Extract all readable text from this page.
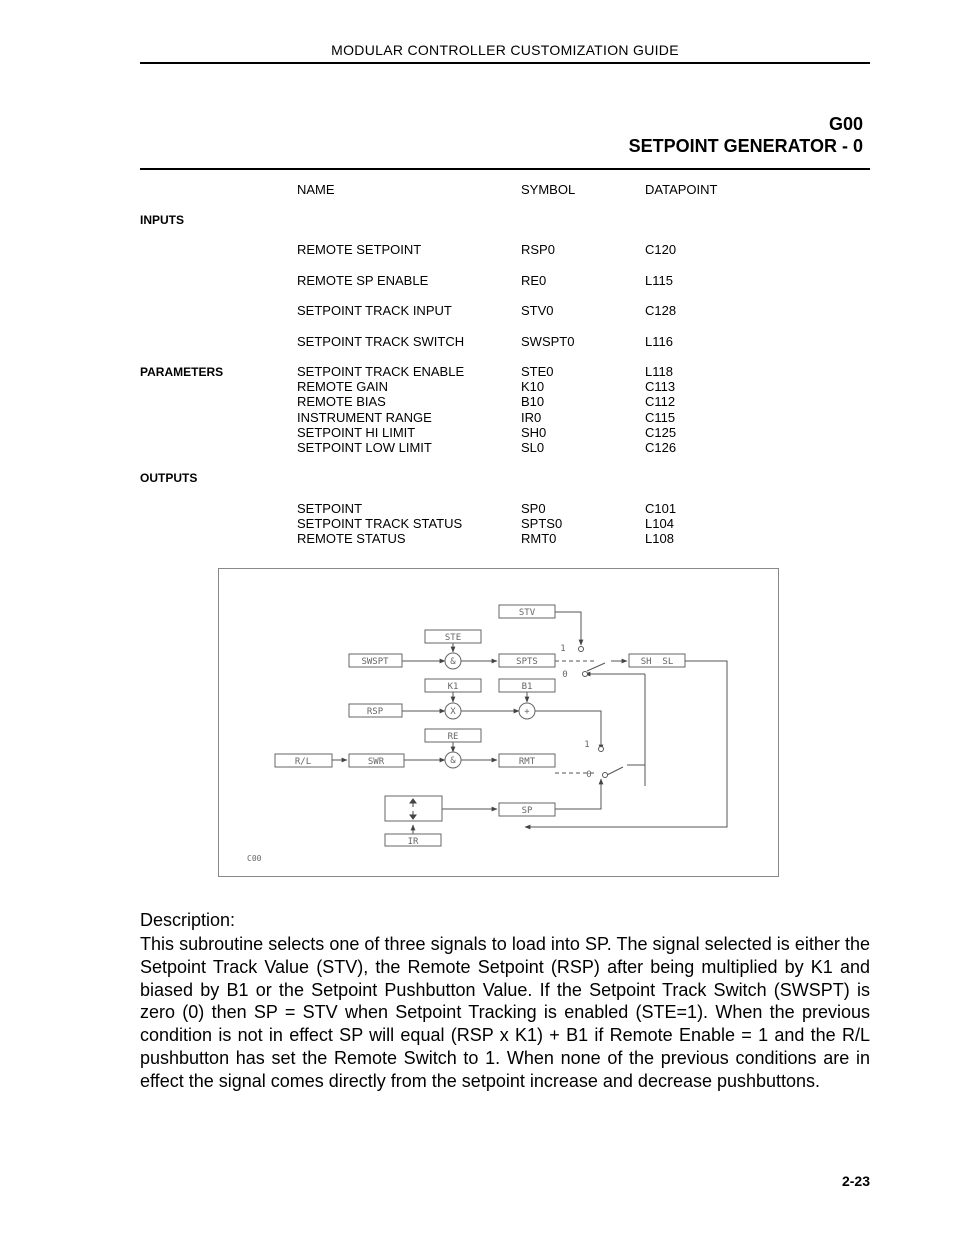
MODULAR CONTROLLER CUSTOMIZATION GUIDE
G00
SETPOINT GENERATOR - 0
NAME	SYMBOL	DATAPOINT
INPUTS
REMOTE SETPOINT	RSP0	C120
REMOTE SP ENABLE	RE0	L115
SETPOINT TRACK INPUT	STV0	C128
SETPOINT TRACK SWITCH	SWSPT0	L116
PARAMETERS	SETPOINT TRACK ENABLE	STE0	L118
REMOTE GAIN	K10	C113
REMOTE BIAS	B10	C112
INSTRUMENT RANGE	IR0	C115
SETPOINT HI LIMIT	SH0	C125
SETPOINT LOW LIMIT	SL0	C126
OUTPUTS
SETPOINT	SP0	C101
SETPOINT TRACK STATUS	SPTS0	L104
REMOTE STATUS	RMT0	L108
STV
STE
SWSPT	SPTS	SH  SL
K1	B1
RSP
RE
R/L	SWR	RMT
SP
IR
&
X	+
&
1
0
1
0
C00
Description:
This subroutine selects one of three signals to load into SP. The signal selected is either the Setpoint Track Value (STV), the Remote Setpoint (RSP) after being multiplied by K1 and biased by B1 or the Setpoint Pushbutton Value. If the Setpoint Track Switch (SWSPT) is zero (0) then SP = STV when Setpoint Tracking is enabled (STE=1). When the previous condition is not in effect SP will equal (RSP x K1) + B1 if Remote Enable = 1 and the R/L pushbutton has set the Remote Switch to 1. When none of the previous conditions are in effect the signal comes directly from the setpoint increase and decrease pushbuttons.
2-23
